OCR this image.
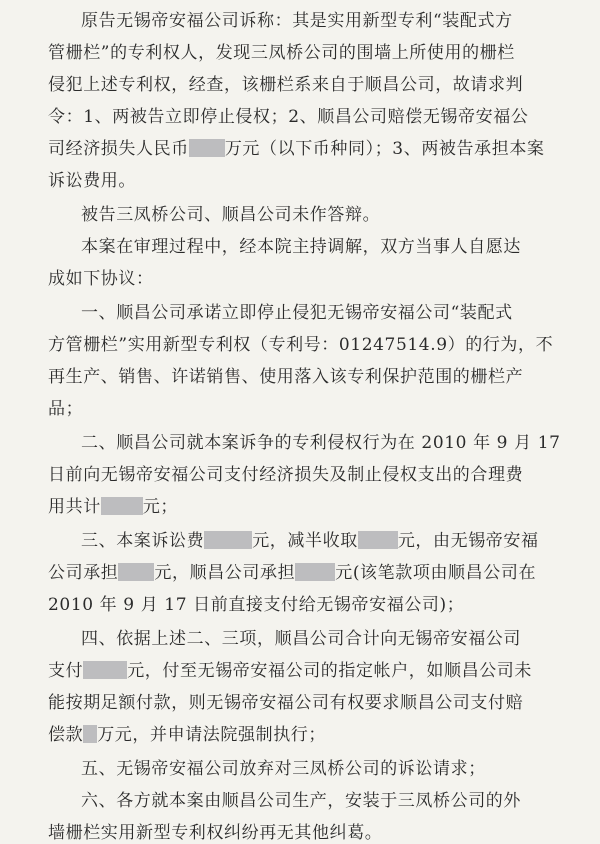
原告无锡帝安福公司诉称：其是实用新型专利“装配式方
管栅栏”的专利权人，发现三凤桥公司的围墙上所使用的栅栏
侵犯上述专利权，经查，该栅栏系来自于顺昌公司，故请求判
令：1、两被告立即停止侵权；2、顺昌公司赔偿无锡帝安福公
司经济损失人民币 万元（以下币种同）；3、两被告承担本案
诉讼费用。
被告三凤桥公司、顺昌公司未作答辩。
本案在审理过程中，经本院主持调解，双方当事人自愿达
成如下协议：
一、顺昌公司承诺立即停止侵犯无锡帝安福公司“装配式
方管栅栏”实用新型专利权（专利号：01247514.9）的行为，不
再生产、销售、许诺销售、使用落入该专利保护范围的栅栏产
品；
二、顺昌公司就本案诉争的专利侵权行为在 2010 年 9 月 17
日前向无锡帝安福公司支付经济损失及制止侵权支出的合理费
用共计 元；
三、本案诉讼费	元，减半收取 元，由无锡帝安福
公司承担 元，顺昌公司承担 元(该笔款项由顺昌公司在
2010 年 9 月 17 日前直接支付给无锡帝安福公司)；
四、依据上述二、三项，顺昌公司合计向无锡帝安福公司
支付	元，付至无锡帝安福公司的指定帐户，如顺昌公司未
能按期足额付款，则无锡帝安福公司有权要求顺昌公司支付赔
偿款 万元，并申请法院强制执行；
五、无锡帝安福公司放弃对三凤桥公司的诉讼请求；
六、各方就本案由顺昌公司生产，安装于三凤桥公司的外
墙栅栏实用新型专利权纠纷再无其他纠葛。
